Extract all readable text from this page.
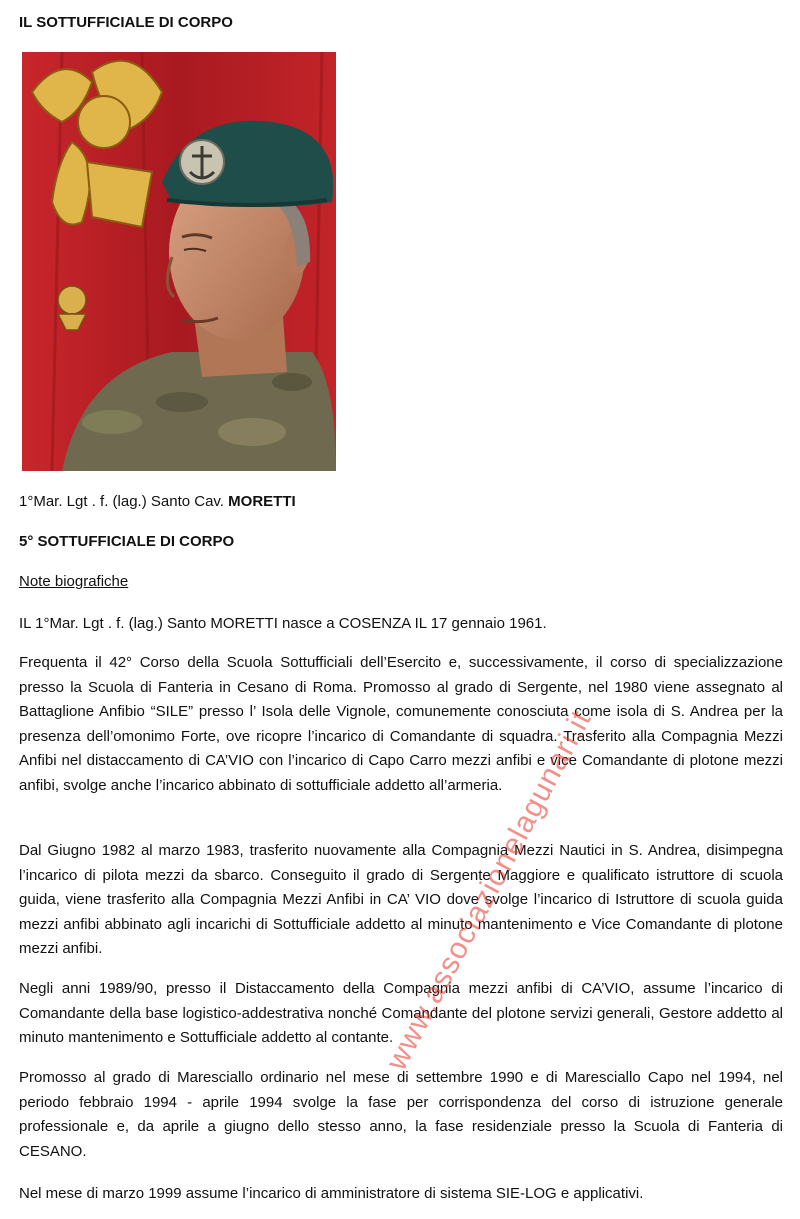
IL SOTTUFFICIALE DI CORPO

1°Mar. Lgt . f. (lag.) Santo Cav. MORETTI

5° SOTTUFFICIALE DI CORPO

Note biografiche

IL 1°Mar. Lgt . f. (lag.) Santo MORETTI nasce a COSENZA IL 17 gennaio 1961.

Frequenta il 42° Corso della Scuola Sottufficiali dell’Esercito e, successivamente, il corso di specializzazione presso la Scuola di Fanteria in Cesano di Roma. Promosso al grado di Sergente, nel 1980 viene assegnato al Battaglione Anfibio “SILE” presso l’ Isola delle Vignole, comunemente conosciuta come isola di S. Andrea per la presenza dell’omonimo Forte, ove ricopre l’incarico di Comandante di squadra. Trasferito alla Compagnia Mezzi Anfibi nel distaccamento di CA’VIO con l’incarico di Capo Carro mezzi anfibi e vice Comandante di plotone mezzi anfibi, svolge anche l’incarico abbinato di sottufficiale addetto all’armeria.

Dal Giugno 1982 al marzo 1983, trasferito nuovamente alla Compagnia Mezzi Nautici in S. Andrea, disimpegna l’incarico di pilota mezzi da sbarco. Conseguito il grado di Sergente Maggiore e qualificato istruttore di scuola guida, viene trasferito alla Compagnia Mezzi Anfibi in CA’ VIO dove svolge l’incarico di Istruttore di scuola guida mezzi anfibi abbinato agli incarichi di Sottufficiale addetto al minuto mantenimento e Vice Comandante di plotone mezzi anfibi.

Negli anni 1989/90, presso il Distaccamento della Compagnia mezzi anfibi di CA’VIO, assume l’incarico di Comandante della base logistico-addestrativa nonché Comandante del plotone servizi generali, Gestore addetto al minuto mantenimento e Sottufficiale addetto al contante.

Promosso al grado di Maresciallo ordinario nel mese di settembre 1990 e di Maresciallo Capo nel 1994, nel periodo febbraio 1994 - aprile 1994 svolge la fase per corrispondenza del corso di istruzione generale professionale e, da aprile a giugno dello stesso anno, la fase residenziale presso la Scuola di Fanteria di CESANO.

Nel mese di marzo 1999 assume l’incarico di amministratore di sistema SIE-LOG e applicativi.

www.associazionelagunari.it
